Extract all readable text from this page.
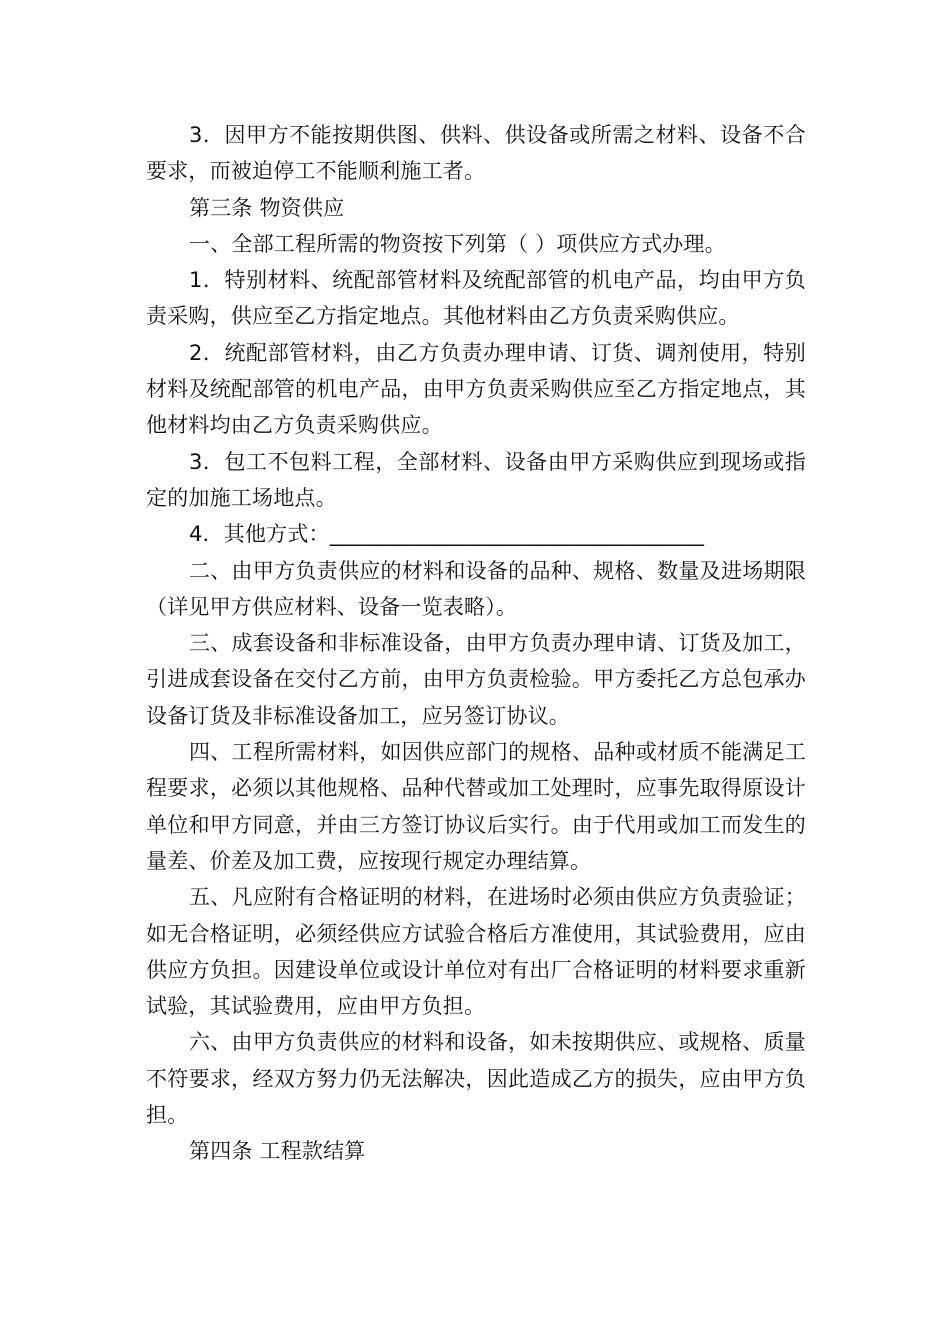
3．因甲方不能按期供图、供料、供设备或所需之材料、设备不合要求，而被迫停工不能顺利施工者。

第三条 物资供应

一、全部工程所需的物资按下列第（ ）项供应方式办理。

1．特别材料、统配部管材料及统配部管的机电产品，均由甲方负责采购，供应至乙方指定地点。其他材料由乙方负责采购供应。

2．统配部管材料，由乙方负责办理申请、订货、调剂使用，特别材料及统配部管的机电产品，由甲方负责采购供应至乙方指定地点，其他材料均由乙方负责采购供应。

3．包工不包料工程，全部材料、设备由甲方采购供应到现场或指定的加施工场地点。

4．其他方式：___________________________________

二、由甲方负责供应的材料和设备的品种、规格、数量及进场期限（详见甲方供应材料、设备一览表略）。

三、成套设备和非标准设备，由甲方负责办理申请、订货及加工，引进成套设备在交付乙方前，由甲方负责检验。甲方委托乙方总包承办设备订货及非标准设备加工，应另签订协议。

四、工程所需材料，如因供应部门的规格、品种或材质不能满足工程要求，必须以其他规格、品种代替或加工处理时，应事先取得原设计单位和甲方同意，并由三方签订协议后实行。由于代用或加工而发生的量差、价差及加工费，应按现行规定办理结算。

五、凡应附有合格证明的材料，在进场时必须由供应方负责验证；如无合格证明，必须经供应方试验合格后方准使用，其试验费用，应由供应方负担。因建设单位或设计单位对有出厂合格证明的材料要求重新试验，其试验费用，应由甲方负担。

六、由甲方负责供应的材料和设备，如未按期供应、或规格、质量不符要求，经双方努力仍无法解决，因此造成乙方的损失，应由甲方负担。

第四条 工程款结算
